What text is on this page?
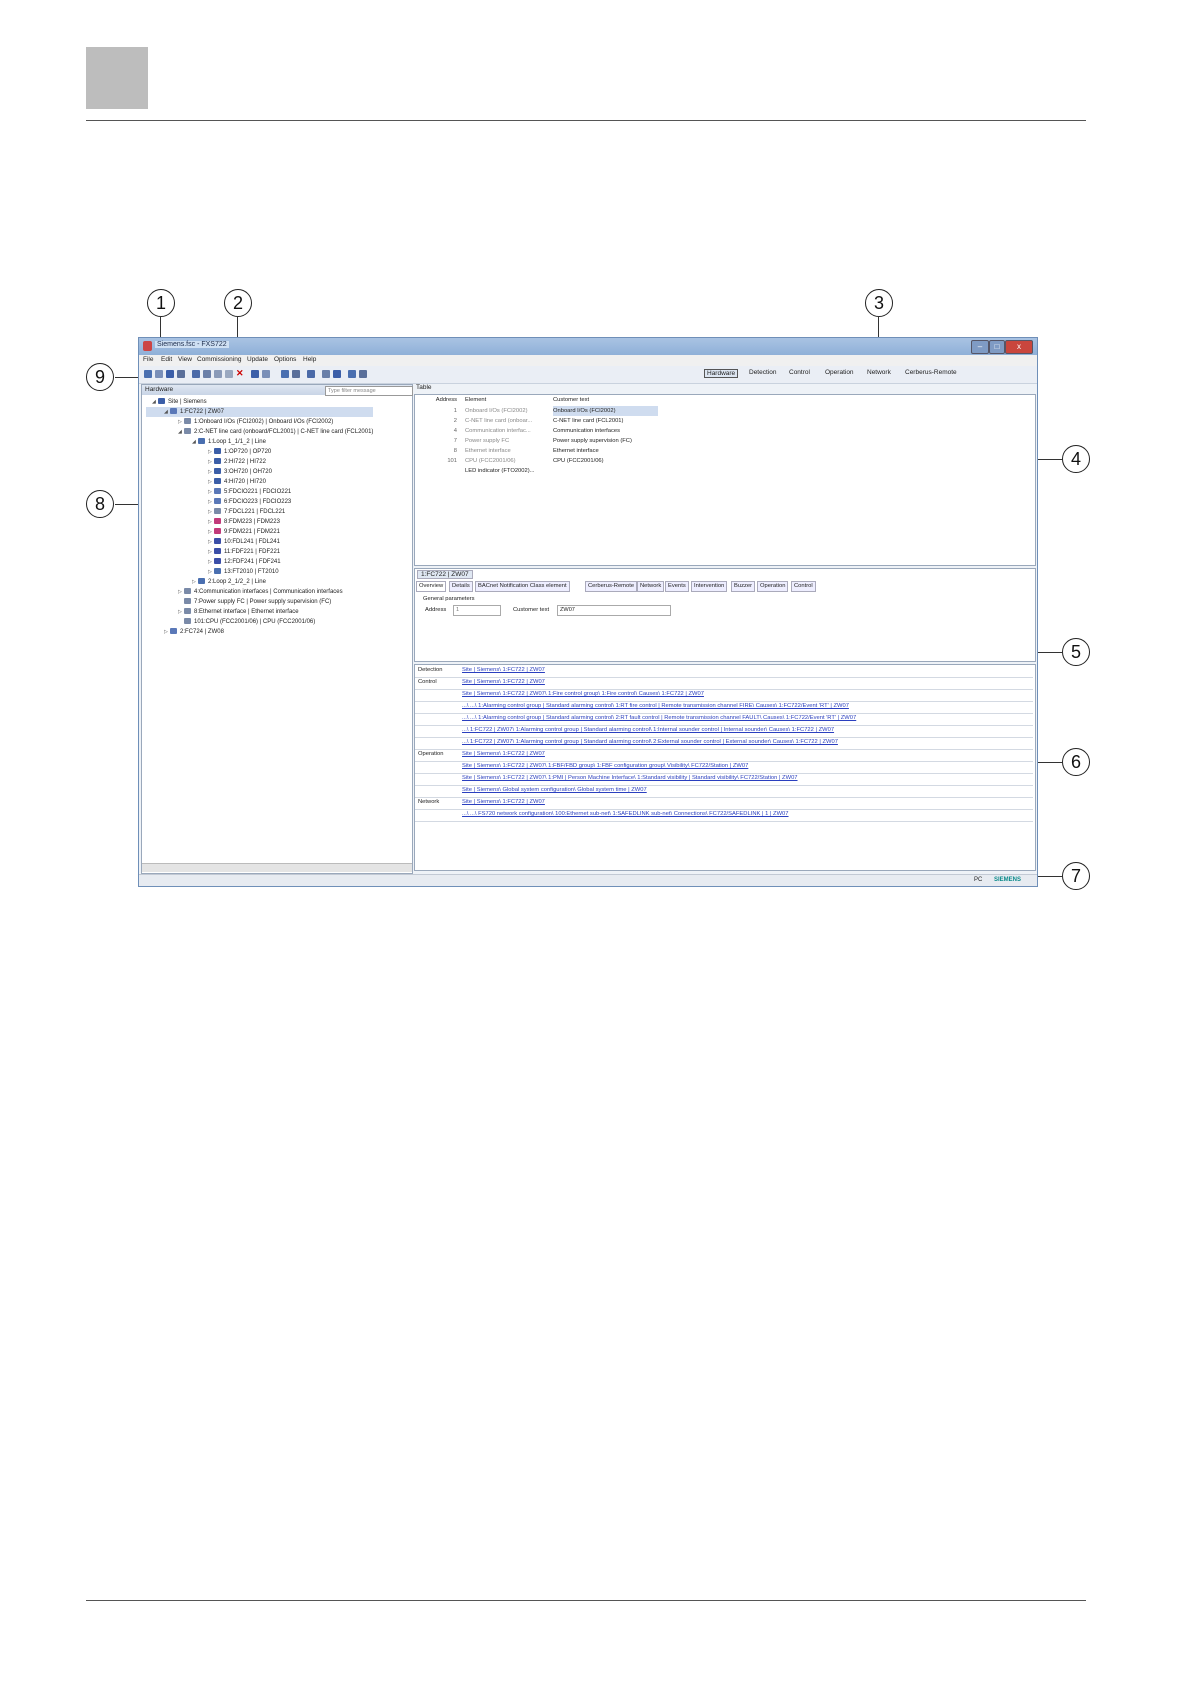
1	2	3
4
5
6
7
8
9
Siemens.fsc - FXS722	–	□	x
File Edit View Commissioning Update Options Help
✕	Hardware	Detection Control Operation Network Cerberus-Remote
Hardware	Type filter message
◢ Site | Siemens
◢ 1:FC722 | ZW07
▷ 1:Onboard I/Os (FCI2002) | Onboard I/Os (FCI2002)
◢ 2:C-NET line card (onboard/FCL2001) | C-NET line card (FCL2001)
◢ 1:Loop 1_1/1_2 | Line
▷ 1:OP720 | OP720
▷ 2:HI722 | HI722
▷ 3:OH720 | OH720
▷ 4:HI720 | HI720
▷ 5:FDCIO221 | FDCIO221
▷ 6:FDCIO223 | FDCIO223
▷ 7:FDCL221 | FDCL221
▷ 8:FDM223 | FDM223
▷ 9:FDM221 | FDM221
▷ 10:FDL241 | FDL241
▷ 11:FDF221 | FDF221
▷ 12:FDF241 | FDF241
▷ 13:FT2010 | FT2010
▷ 2:Loop 2_1/2_2 | Line
▷ 4:Communication interfaces | Communication interfaces
7:Power supply FC | Power supply supervision (FC)
▷ 8:Ethernet interface | Ethernet interface
101:CPU (FCC2001/06) | CPU (FCC2001/06)
▷ 2:FC724 | ZW08
Table
Address Element	Customer text
1 Onboard I/Os (FCI2002)	Onboard I/Os (FCI2002)
2 C-NET line card (onboar...	C-NET line card (FCL2001)
4 Communication interfac...	Communication interfaces
7 Power supply FC	Power supply supervision (FC)
8 Ethernet interface	Ethernet interface
101 CPU (FCC2001/06)	CPU (FCC2001/06)
LED indicator (FTO2002)...
1:FC722 | ZW07
Overview	Details	BACnet Notification Class element	Cerberus-Remote	Network	Events	Intervention	Buzzer	Operation	Control
General parameters
Address	1	Customer text	ZW07
Detection	Site | Siemens\ 1:FC722 | ZW07
Control	Site | Siemens\ 1:FC722 | ZW07
Site | Siemens\ 1:FC722 | ZW07\ 1:Fire control group\ 1:Fire control\ Causes\ 1:FC722 | ZW07
...\ ...\ 1:Alarming control group | Standard alarming control\ 1:RT fire control | Remote transmission channel FIRE\ Causes\ 1:FC722/Event 'RT' | ZW07
...\ ...\ 1:Alarming control group | Standard alarming control\ 2:RT fault control | Remote transmission channel FAULT\ Causes\ 1:FC722/Event 'RT' | ZW07
...\ 1:FC722 | ZW07\ 1:Alarming control group | Standard alarming control\ 1:Internal sounder control | Internal sounder\ Causes\ 1:FC722 | ZW07
...\ 1:FC722 | ZW07\ 1:Alarming control group | Standard alarming control\ 2:External sounder control | External sounder\ Causes\ 1:FC722 | ZW07
Operation	Site | Siemens\ 1:FC722 | ZW07
Site | Siemens\ 1:FC722 | ZW07\ 1:FBF/FBD group\ 1:FBF configuration group\ Visibility\ FC722/Station | ZW07
Site | Siemens\ 1:FC722 | ZW07\ 1:PMI | Person Machine Interface\ 1:Standard visibility | Standard visibility\ FC722/Station | ZW07
Site | Siemens\ Global system configuration\ Global system time | ZW07
Network	Site | Siemens\ 1:FC722 | ZW07
...\ ...\ FS720 network configuration\ 100:Ethernet sub-net\ 1:SAFEDLINK sub-net\ Connections\ FC722/SAFEDLINK | 1 | ZW07
PC SIEMENS
